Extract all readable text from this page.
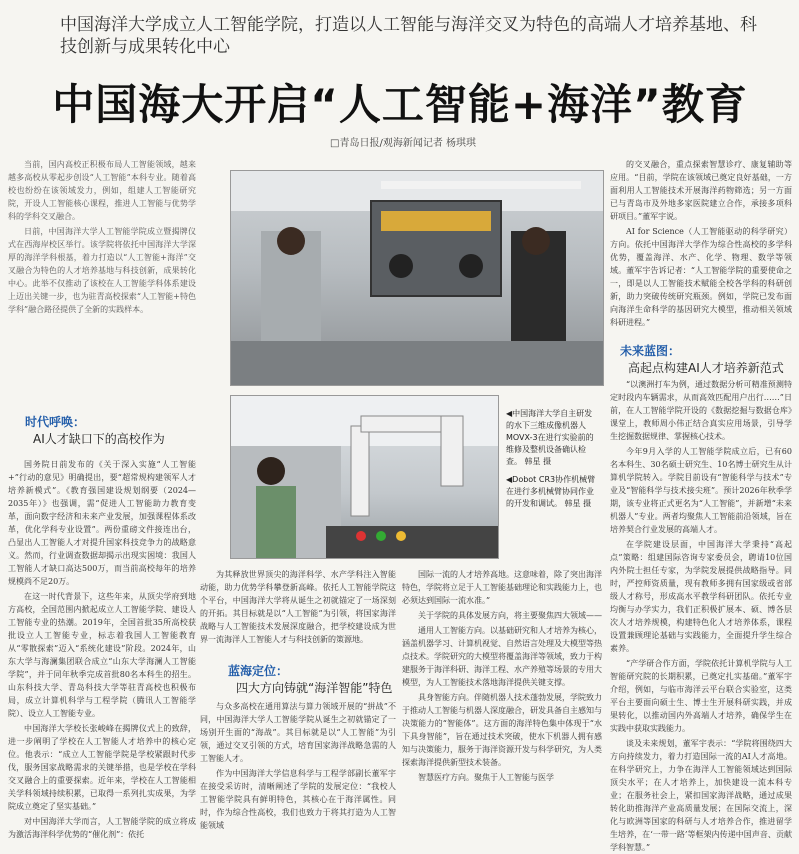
中国海洋大学成立人工智能学院，打造以人工智能与海洋交叉为特色的高端人才培养基地、科技创新与成果转化中心
中国海大开启“人工智能+海洋”教育
□青岛日报/观海新闻记者 杨琪琪

当前，国内高校正积极布局人工智能领域，越来越多高校从零起步创设“人工智能”本科专业。随着高校也纷纷在该领域发力，例如，组建人工智能研究院，开设人工智能核心课程，推进人工智能与优势学科的学科交叉融合。

日前，中国海洋大学人工智能学院成立暨揭牌仪式在西海岸校区举行。该学院将依托中国海洋大学深厚的海洋学科根基，着力打造以“人工智能+海洋”交叉融合为特色的人才培养基地与科技创新，成果转化中心。此举不仅推动了该校在人工智能学科体系建设上迈出关键一步，也为驻青高校探索“人工智能+特色学科”融合路径提供了全新的实践样本。

时代呼唤：
AI人才缺口下的高校作为

国务院日前发布的《关于深入实施“人工智能+”行动的意见》明确提出，要“超常规构建领军人才培养新模式”。《教育强国建设规划纲要（2024—2035年）》也强调，需“促进人工智能助力教育变革，面向数字经济和未来产业发展，加强课程体系改革，优化学科专业设置”。两份重磅文件接连出台，凸显出人工智能人才对提升国家科技竞争力的战略意义。然而，行业调查数据却揭示出现实困境：我国人工智能人才缺口高达500万，而当前高校每年的培养规模尚不足20万。

在这一时代背景下，这些年来，从顶尖学府到地方高校，全国范围内掀起成立人工智能学院、建设人工智能专业的热潮。2019年，全国首批35所高校获批设立人工智能专业，标志着我国人工智能教育从“零散探索”迈入“系统化建设”阶段。2024年，山东大学与海澜集团联合成立“山东大学海澜人工智能学院”，并于同年秋季完成首批80名本科生的招生。山东科技大学、青岛科技大学等驻青高校也积极布局，成立计算机科学与工程学院（腾讯人工智能学院）、设立人工智能专业。

中国海洋大学校长张峻峰在揭牌仪式上的致辞，进一步阐明了学校在人工智能人才培养中的核心定位。他表示：“成立人工智能学院是学校紧跟时代步伐，服务国家战略需求的关键举措，也是学校在学科交叉融合上的重要探索。近年来，学校在人工智能相关学科领域持续积累，已取得一系列扎实成果，为学院成立奠定了坚实基础。”

对中国海洋大学而言，人工智能学院的成立将成为激活海洋科学优势的“催化剂”：依托

◀中国海洋大学自主研发的水下三维成像机器人MOVX-3在进行实验前的维修及整机设备确认检查。 韩星 摄

◀Dobot CR3协作机械臂在进行多机械臂协同作业的开发和调试。 韩星 摄

的交叉融合，重点探索智慧诊疗、康复辅助等应用。“目前，学院在该领域已奠定良好基础，一方面利用人工智能技术开展海洋药物筛选；另一方面已与青岛市及外地多家医院建立合作，承接多项科研项目。”董军宇说。

AI for Science（人工智能驱动的科学研究）方向。依托中国海洋大学作为综合性高校的多学科优势，覆盖海洋、水产、化学、物理、数学等领域。董军宇告诉记者：“人工智能学院的重要使命之一，即是以人工智能技术赋能全校各学科的科研创新，助力突破传统研究瓶颈。例如，学院已发布面向海洋生命科学的基因研究大模型，推动相关领域科研进程。”

未来蓝图：
高起点构建AI人才培养新范式

“以澳洲打车为例，通过数据分析可精准预测特定时段内车辆需求，从而高效匹配用户出行……”日前，在人工智能学院开设的《数据挖掘与数据仓库》课堂上，教师周小伟正结合真实应用场景，引导学生挖掘数据规律、掌握核心技术。

今年9月入学的人工智能学院成立后，已有60名本科生、30名硕士研究生、10名博士研究生从计算机学院转入。学院目前设有“智能科学与技术”专业及“智能科学与技术接尖班”。预计2026年秋季学期，该专业将正式更名为“人工智能”，并新增“未来机器人”专业。两者均聚焦人工智能前沿领域，旨在培养契合行业发展的高端人才。

在学院建设层面，中国海洋大学秉持“高起点”策略：组建国际咨询专家委员会，聘请10位国内外院士担任专家，为学院发展提供战略指导。同时，严控师资质量，现有教师多拥有国家级或省部级人才称号，形成高水平教学科研团队。依托专业均衡与办学实力，我们正积极扩展本、硕、博各层次人才培养规模，构建特色化人才培养体系，课程设置兼顾理论基础与实践能力，全面提升学生综合素养。

“产学研合作方面，学院依托计算机学院与人工智能研究院的长期积累，已奠定扎实基础。”董军宇介绍，例如，与临市海洋云平台联合实验室，这类平台主要面向硕士生、博士生开展科研实践，并成果转化，以推动国内外高端人才培养，确保学生在实践中获取实践能力。

谈及未来规划，董军宇表示：“学院将围绕四大方向持续发力，着力打造国际一流的AI人才高地。在科学研究上，力争在海洋人工智能领域达到国际顶尖水平；在人才培养上，加快建设一流本科专业；在服务社会上，紧扣国家海洋战略，通过成果转化助推海洋产业高质量发展；在国际交流上，深化与欧洲等国家的科研与人才培养合作，推进留学生培养，在‘一带一路’等框架内传递中国声音、贡献学科智慧。”

为其释放世界顶尖的海洋科学、水产学科注入智能动能，助力优势学科攀登新高峰。依托人工智能学院这个平台，中国海洋大学将从诞生之初就锚定了一场深刻的开拓。其目标就是以“人工智能”为引领，将国家海洋战略与人工智能技术发展深度融合，把学校建设成为世界一流海洋人工智能人才与科技创新的策源地。

蓝海定位：
四大方向铸就“海洋智能”特色

与众多高校在通用算法与算力领域开展的“拼战”不同，中国海洋大学人工智能学院从诞生之初就锚定了一场别开生面的“海战”。其目标就是以“人工智能”为引领，通过交叉引领的方式，培育国家海洋战略急需的人工智能人才。

作为中国海洋大学信息科学与工程学部副长董军宇在接受采访时，清晰阐述了学院的发展定位：“我校人工智能学院具有鲜明特色，其核心在于海洋属性。同时，作为综合性高校，我们也致力于将其打造为人工智能领域

国际一流的人才培养高地。这意味着，除了突出海洋特色，学院将立足于人工智能基础理论和实践能力上，也必须达到国际一流水准。”

关于学院的具体发展方向，将主要聚焦四大领域——

通用人工智能方向。以基础研究和人才培养为核心，涵盖机器学习、计算机视觉、自然语言处理及大模型等热点技术。学院研究的大模型将覆盖海洋等领域，致力于构建服务于海洋科研、海洋工程、水产养殖等场景的专用大模型，为人工智能技术落地海洋提供关键支撑。

具身智能方向。伴随机器人技术蓬勃发展，学院致力于推动人工智能与机器人深度融合，研发具备自主感知与决策能力的“智能体”。这方面的海洋特色集中体现于“水下具身智能”，旨在通过技术突破，使水下机器人拥有感知与决策能力，服务于海洋资源开发与科学研究，为人类探索海洋提供新型技术装备。

智慧医疗方向。聚焦于人工智能与医学
